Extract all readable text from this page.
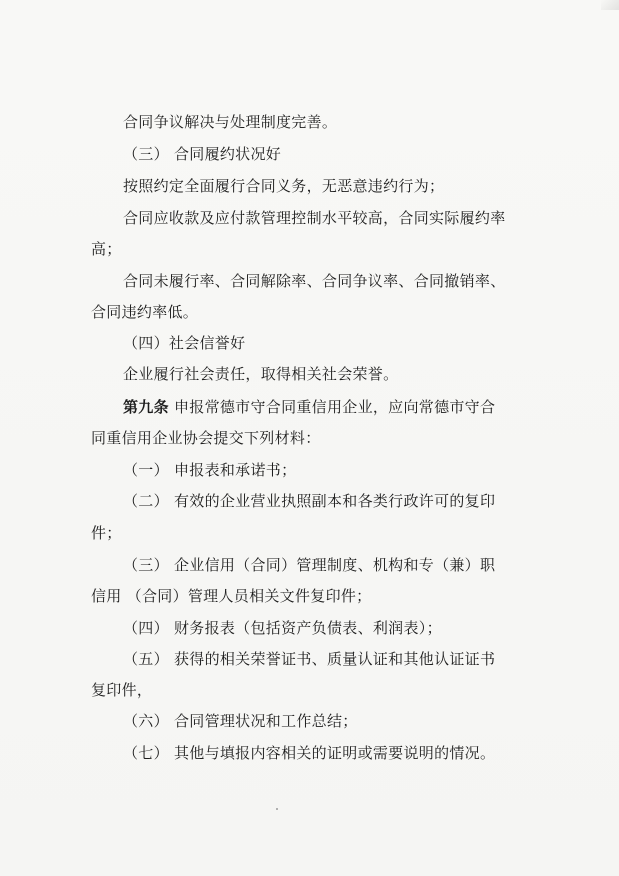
合同争议解决与处理制度完善。
（三） 合同履约状况好
按照约定全面履行合同义务，无恶意违约行为；
合同应收款及应付款管理控制水平较高，合同实际履约率
高；
合同未履行率、合同解除率、合同争议率、合同撤销率、
合同违约率低。
（四）社会信誉好
企业履行社会责任，取得相关社会荣誉。
第九条 申报常德市守合同重信用企业，应向常德市守合
同重信用企业协会提交下列材料：
（一） 申报表和承诺书；
（二） 有效的企业营业执照副本和各类行政许可的复印
件；
（三） 企业信用（合同）管理制度、机构和专（兼）职
信用 （合同）管理人员相关文件复印件；
（四） 财务报表（包括资产负债表、利润表）；
（五） 获得的相关荣誉证书、质量认证和其他认证证书
复印件，
（六） 合同管理状况和工作总结；
（七） 其他与填报内容相关的证明或需要说明的情况。
